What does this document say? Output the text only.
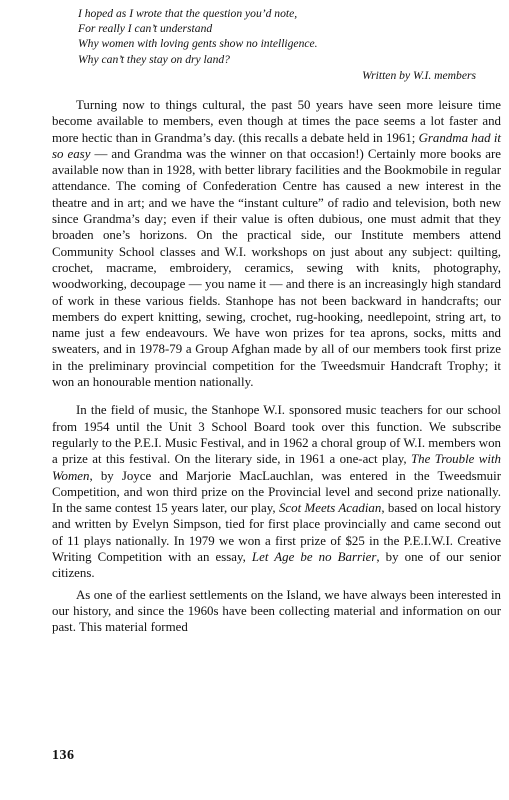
I hoped as I wrote that the question you’d note,
For really I can’t understand
Why women with loving gents show no intelligence.
Why can’t they stay on dry land?
Written by W.I. members

Turning now to things cultural, the past 50 years have seen more leisure time become available to members, even though at times the pace seems a lot faster and more hectic than in Grandma’s day. (this recalls a debate held in 1961; Grandma had it so easy — and Grandma was the winner on that occasion!) Certainly more books are available now than in 1928, with better library facilities and the Bookmobile in regular attendance. The coming of Confederation Centre has caused a new interest in the theatre and in art; and we have the “instant culture” of radio and television, both new since Grandma’s day; even if their value is often dubious, one must admit that they broaden one’s horizons. On the practical side, our Institute members attend Community School classes and W.I. workshops on just about any subject: quilting, crochet, macrame, embroidery, ceramics, sewing with knits, photography, woodworking, decoupage — you name it — and there is an increasingly high standard of work in these various fields. Stanhope has not been backward in handcrafts; our members do expert knitting, sewing, crochet, rug-hooking, needlepoint, string art, to name just a few endeavours. We have won prizes for tea aprons, socks, mitts and sweaters, and in 1978-79 a Group Afghan made by all of our members took first prize in the preliminary provincial competition for the Tweedsmuir Handcraft Trophy; it won an honourable mention nationally.

In the field of music, the Stanhope W.I. sponsored music teachers for our school from 1954 until the Unit 3 School Board took over this function. We subscribe regularly to the P.E.I. Music Festival, and in 1962 a choral group of W.I. members won a prize at this festival. On the literary side, in 1961 a one-act play, The Trouble with Women, by Joyce and Marjorie MacLauchlan, was entered in the Tweedsmuir Competition, and won third prize on the Provincial level and second prize nationally. In the same contest 15 years later, our play, Scot Meets Acadian, based on local history and written by Evelyn Simpson, tied for first place provincially and came second out of 11 plays nationally. In 1979 we won a first prize of $25 in the P.E.I.W.I. Creative Writing Competition with an essay, Let Age be no Barrier, by one of our senior citizens.

As one of the earliest settlements on the Island, we have always been interested in our history, and since the 1960s have been collecting material and information on our past. This material formed

136
